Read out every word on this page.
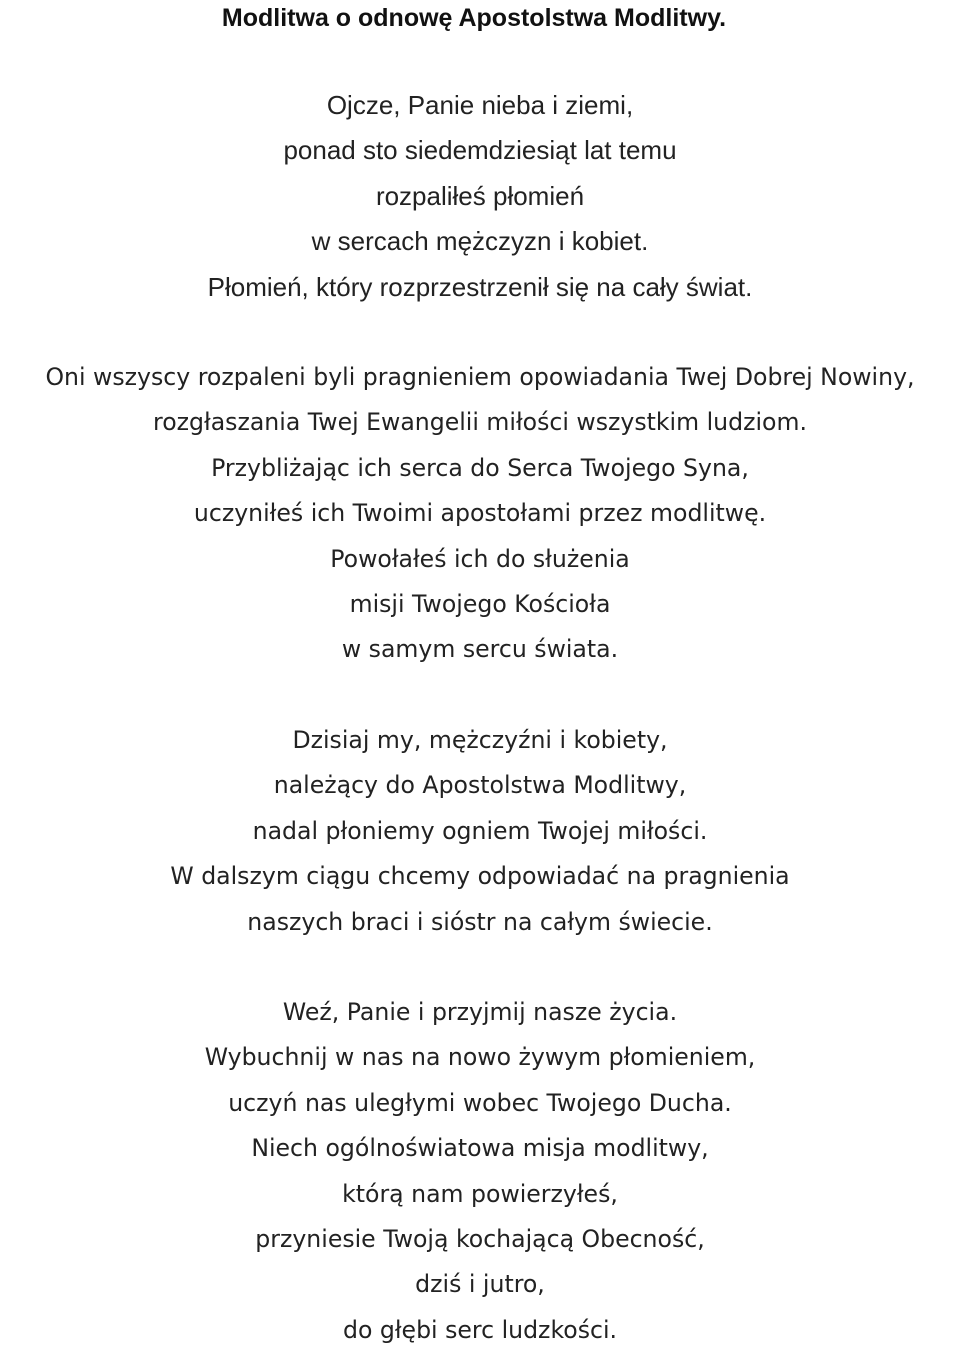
Modlitwa o odnowę Apostolstwa Modlitwy.
Ojcze, Panie nieba i ziemi,
ponad sto siedemdziesiąt lat temu
rozpaliłeś płomień
w sercach mężczyzn i kobiet.
Płomień, który rozprzestrzenił się na cały świat.
Oni wszyscy rozpaleni byli pragnieniem opowiadania Twej Dobrej Nowiny,
rozgłaszania Twej Ewangelii miłości wszystkim ludziom.
Przybliżając ich serca do Serca Twojego Syna,
uczyniłeś ich Twoimi apostołami przez modlitwę.
Powołałeś ich do służenia
misji Twojego Kościoła
w samym sercu świata.
Dzisiaj my, mężczyźni i kobiety,
należący do Apostolstwa Modlitwy,
nadal płoniemy ogniem Twojej miłości.
W dalszym ciągu chcemy odpowiadać na pragnienia
naszych braci i sióstr na całym świecie.
Weź, Panie i przyjmij nasze życia.
Wybuchnij w nas na nowo żywym płomieniem,
uczyń nas uległymi wobec Twojego Ducha.
Niech ogólnoświatowa misja modlitwy,
którą nam powierzyłeś,
przyniesie Twoją kochającą Obecność,
dziś i jutro,
do głębi serc ludzkości.
